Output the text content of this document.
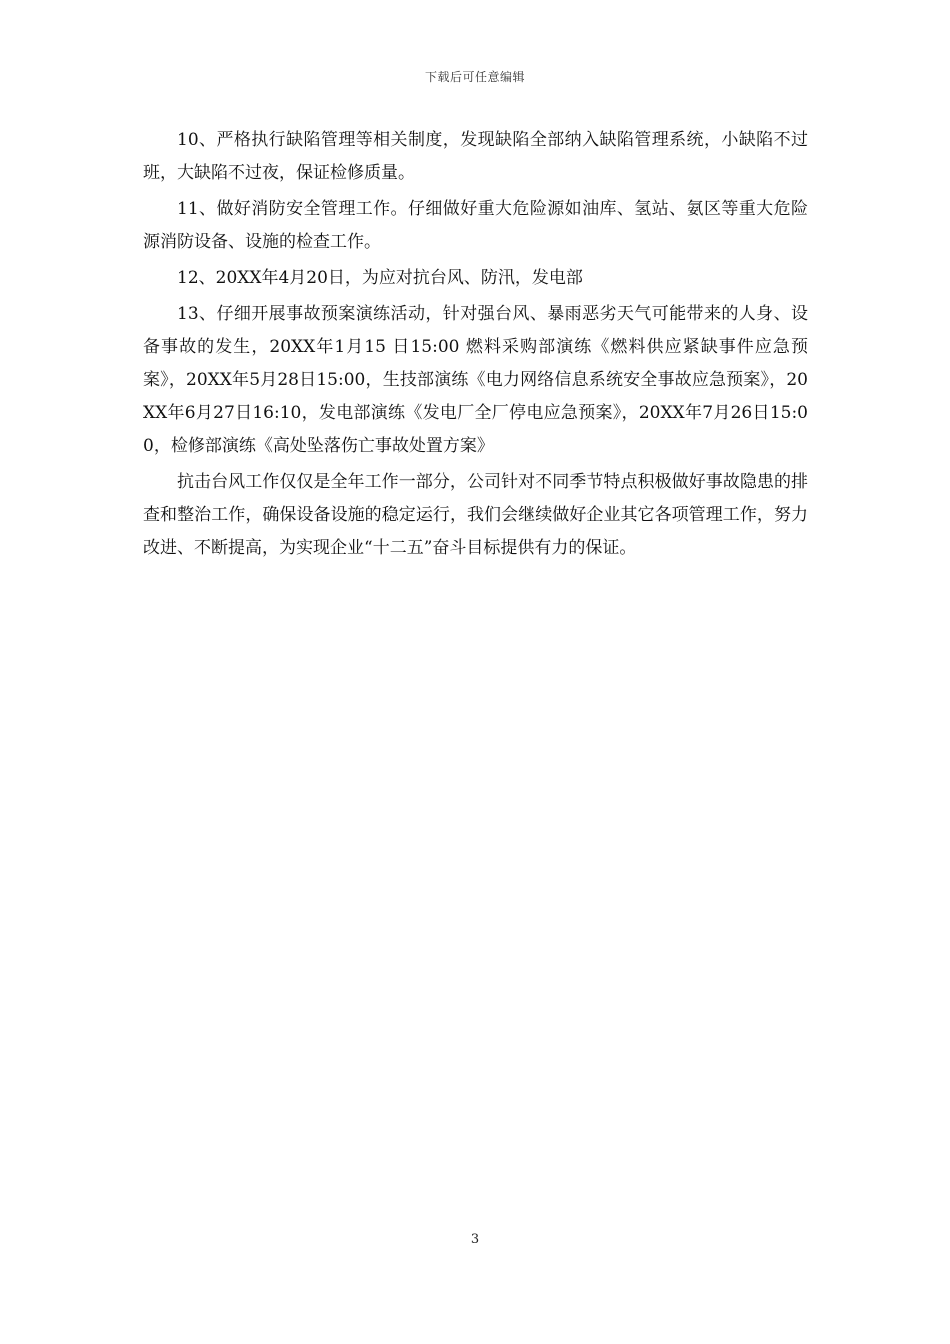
下载后可任意编辑

10、严格执行缺陷管理等相关制度，发现缺陷全部纳入缺陷管理系统，小缺陷不过班，大缺陷不过夜，保证检修质量。

11、做好消防安全管理工作。仔细做好重大危险源如油库、氢站、氨区等重大危险源消防设备、设施的检查工作。

12、20XX年4月20日，为应对抗台风、防汛，发电部

13、仔细开展事故预案演练活动，针对强台风、暴雨恶劣天气可能带来的人身、设备事故的发生，20XX年1月15 日15:00 燃料采购部演练《燃料供应紧缺事件应急预案》，20XX年5月28日15:00，生技部演练《电力网络信息系统安全事故应急预案》，20XX年6月27日16:10，发电部演练《发电厂全厂停电应急预案》，20XX年7月26日15:00，检修部演练《高处坠落伤亡事故处置方案》

抗击台风工作仅仅是全年工作一部分，公司针对不同季节特点积极做好事故隐患的排查和整治工作，确保设备设施的稳定运行，我们会继续做好企业其它各项管理工作，努力改进、不断提高，为实现企业“十二五”奋斗目标提供有力的保证。

3
